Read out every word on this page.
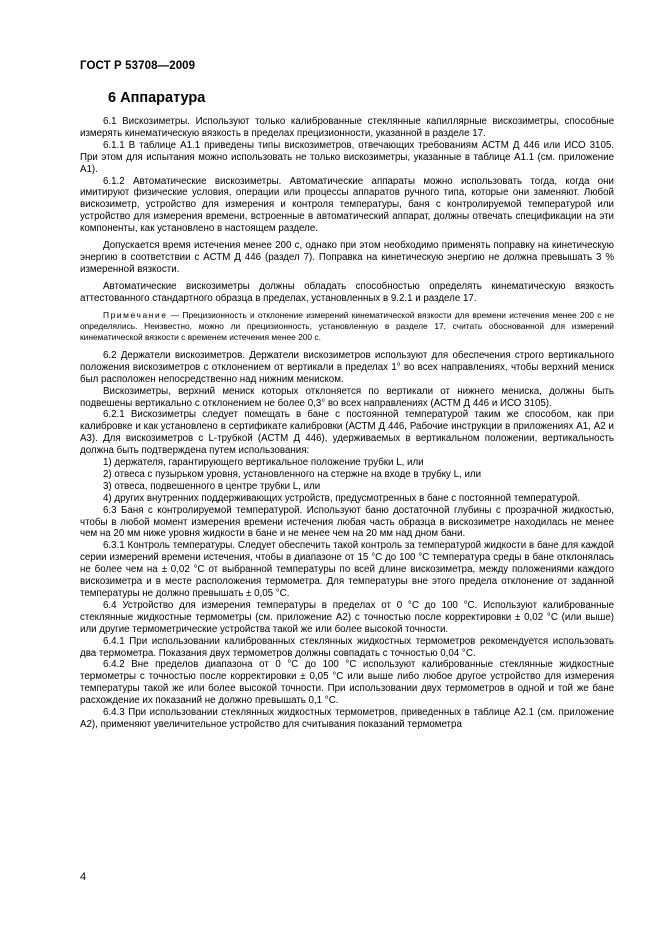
ГОСТ Р 53708—2009
6 Аппаратура

6.1 Вискозиметры. Используют только калиброванные стеклянные капиллярные вискозиметры, способные измерять кинематическую вязкость в пределах прецизионности, указанной в разделе 17.

6.1.1 В таблице А1.1 приведены типы вискозиметров, отвечающих требованиям АСТМ Д 446 или ИСО 3105. При этом для испытания можно использовать не только вискозиметры, указанные в таблице А1.1 (см. приложение А1).

6.1.2 Автоматические вискозиметры. Автоматические аппараты можно использовать тогда, когда они имитируют физические условия, операции или процессы аппаратов ручного типа, которые они заменяют. Любой вискозиметр, устройство для измерения и контроля температуры, баня с контролируемой температурой или устройство для измерения времени, встроенные в автоматический аппарат, должны отвечать спецификации на эти компоненты, как установлено в настоящем разделе.

Допускается время истечения менее 200 с, однако при этом необходимо применять поправку на кинетическую энергию в соответствии с АСТМ Д 446 (раздел 7). Поправка на кинетическую энергию не должна превышать 3 % измеренной вязкости.

Автоматические вискозиметры должны обладать способностью определять кинематическую вязкость аттестованного стандартного образца в пределах, установленных в 9.2.1 и разделе 17.

Примечание — Прецизионность и отклонение измерений кинематической вязкости для времени истечения менее 200 с не определялись. Неизвестно, можно ли прецизионность, установленную в разделе 17, считать обоснованной для измерений кинематической вязкости с временем истечения менее 200 с.

6.2 Держатели вискозиметров. Держатели вискозиметров используют для обеспечения строго вертикального положения вискозиметров с отклонением от вертикали в пределах 1° во всех направлениях, чтобы верхний мениск был расположен непосредственно над нижним мениском.

Вискозиметры, верхний мениск которых отклоняется по вертикали от нижнего мениска, должны быть подвешены вертикально с отклонением не более 0,3° во всех направлениях (АСТМ Д 446 и ИСО 3105).

6.2.1 Вискозиметры следует помещать в бане с постоянной температурой таким же способом, как при калибровке и как установлено в сертификате калибровки (АСТМ Д 446, Рабочие инструкции в приложениях А1, А2 и А3). Для вискозиметров с L-трубкой (АСТМ Д 446), удерживаемых в вертикальном положении, вертикальность должна быть подтверждена путем использования:

1) держателя, гарантирующего вертикальное положение трубки L, или

2) отвеса с пузырьком уровня, установленного на стержне на входе в трубку L, или

3) отвеса, подвешенного в центре трубки L, или

4) других внутренних поддерживающих устройств, предусмотренных в бане с постоянной температурой.

6.3 Баня с контролируемой температурой. Используют баню достаточной глубины с прозрачной жидкостью, чтобы в любой момент измерения времени истечения любая часть образца в вискозиметре находилась не менее чем на 20 мм ниже уровня жидкости в бане и не менее чем на 20 мм над дном бани.

6.3.1 Контроль температуры. Следует обеспечить такой контроль за температурой жидкости в бане для каждой серии измерений времени истечения, чтобы в диапазоне от 15 °С до 100 °С температура среды в бане отклонялась не более чем на ± 0,02 °С от выбранной температуры по всей длине вискозиметра, между положениями каждого вискозиметра и в месте расположения термометра. Для температуры вне этого предела отклонение от заданной температуры не должно превышать ± 0,05 °С.

6.4 Устройство для измерения температуры в пределах от 0 °С до 100 °С. Используют калиброванные стеклянные жидкостные термометры (см. приложение А2) с точностью после корректировки ± 0,02 °С (или выше) или другие термометрические устройства такой же или более высокой точности.

6.4.1 При использовании калиброванных стеклянных жидкостных термометров рекомендуется использовать два термометра. Показания двух термометров должны совпадать с точностью 0,04 °С.

6.4.2 Вне пределов диапазона от 0 °С до 100 °С используют калиброванные стеклянные жидкостные термометры с точностью после корректировки ± 0,05 °С или выше либо любое другое устройство для измерения температуры такой же или более высокой точности. При использовании двух термометров в одной и той же бане расхождение их показаний не должно превышать 0,1 °С.

6.4.3 При использовании стеклянных жидкостных термометров, приведенных в таблице А2.1 (см. приложение А2), применяют увеличительное устройство для считывания показаний термометра

4
